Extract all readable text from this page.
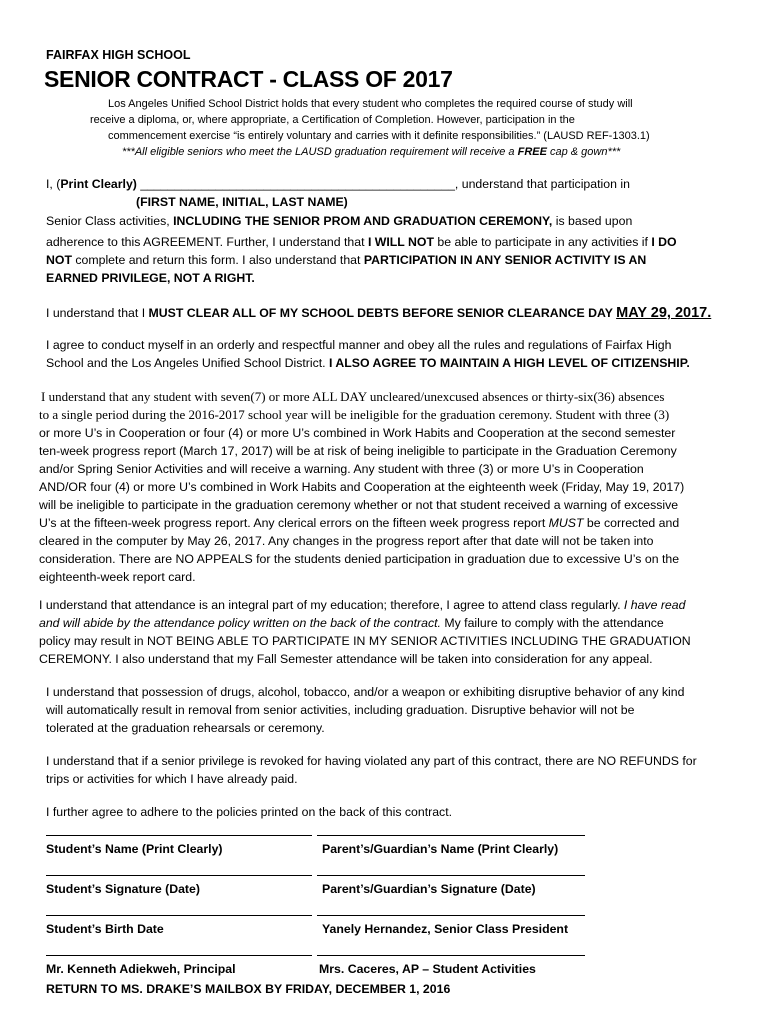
FAIRFAX HIGH SCHOOL
SENIOR CONTRACT - CLASS OF 2017
Los Angeles Unified School District holds that every student who completes the required course of study will
receive a diploma, or, where appropriate, a Certification of Completion. However, participation in the
commencement exercise “is entirely voluntary and carries with it definite responsibilities.” (LAUSD REF-1303.1)
***All eligible seniors who meet the LAUSD graduation requirement will receive a FREE cap & gown***
I, (Print Clearly) ______________________________________________, understand that participation in
(FIRST NAME, INITIAL, LAST NAME)
Senior Class activities, INCLUDING THE SENIOR PROM AND GRADUATION CEREMONY, is based upon
adherence to this AGREEMENT. Further, I understand that I WILL NOT be able to participate in any activities if I DO
NOT complete and return this form. I also understand that PARTICIPATION IN ANY SENIOR ACTIVITY IS AN
EARNED PRIVILEGE, NOT A RIGHT.
I understand that I MUST CLEAR ALL OF MY SCHOOL DEBTS BEFORE SENIOR CLEARANCE DAY MAY 29, 2017.
I agree to conduct myself in an orderly and respectful manner and obey all the rules and regulations of Fairfax High
School and the Los Angeles Unified School District. I ALSO AGREE TO MAINTAIN A HIGH LEVEL OF CITIZENSHIP.
I understand that any student with seven(7) or more ALL DAY uncleared/unexcused absences or thirty-six(36) absences
to a single period during the 2016-2017 school year will be ineligible for the graduation ceremony. Student with three (3)
or more U’s in Cooperation or four (4) or more U’s combined in Work Habits and Cooperation at the second semester
ten-week progress report (March 17, 2017) will be at risk of being ineligible to participate in the Graduation Ceremony
and/or Spring Senior Activities and will receive a warning. Any student with three (3) or more U’s in Cooperation
AND/OR four (4) or more U’s combined in Work Habits and Cooperation at the eighteenth week (Friday, May 19, 2017)
will be ineligible to participate in the graduation ceremony whether or not that student received a warning of excessive
U’s at the fifteen-week progress report. Any clerical errors on the fifteen week progress report MUST be corrected and
cleared in the computer by May 26, 2017. Any changes in the progress report after that date will not be taken into
consideration. There are NO APPEALS for the students denied participation in graduation due to excessive U’s on the
eighteenth-week report card.
I understand that attendance is an integral part of my education; therefore, I agree to attend class regularly. I have read
and will abide by the attendance policy written on the back of the contract. My failure to comply with the attendance
policy may result in NOT BEING ABLE TO PARTICIPATE IN MY SENIOR ACTIVITIES INCLUDING THE GRADUATION
CEREMONY. I also understand that my Fall Semester attendance will be taken into consideration for any appeal.
I understand that possession of drugs, alcohol, tobacco, and/or a weapon or exhibiting disruptive behavior of any kind
will automatically result in removal from senior activities, including graduation. Disruptive behavior will not be
tolerated at the graduation rehearsals or ceremony.
I understand that if a senior privilege is revoked for having violated any part of this contract, there are NO REFUNDS for
trips or activities for which I have already paid.
I further agree to adhere to the policies printed on the back of this contract.
Student’s Name (Print Clearly)	Parent’s/Guardian’s Name (Print Clearly)
Student’s Signature (Date)	Parent’s/Guardian’s Signature (Date)
Student’s Birth Date	Yanely Hernandez, Senior Class President
Mr. Kenneth Adiekweh, Principal	Mrs. Caceres, AP – Student Activities
RETURN TO MS. DRAKE’S MAILBOX BY FRIDAY, DECEMBER 1, 2016
